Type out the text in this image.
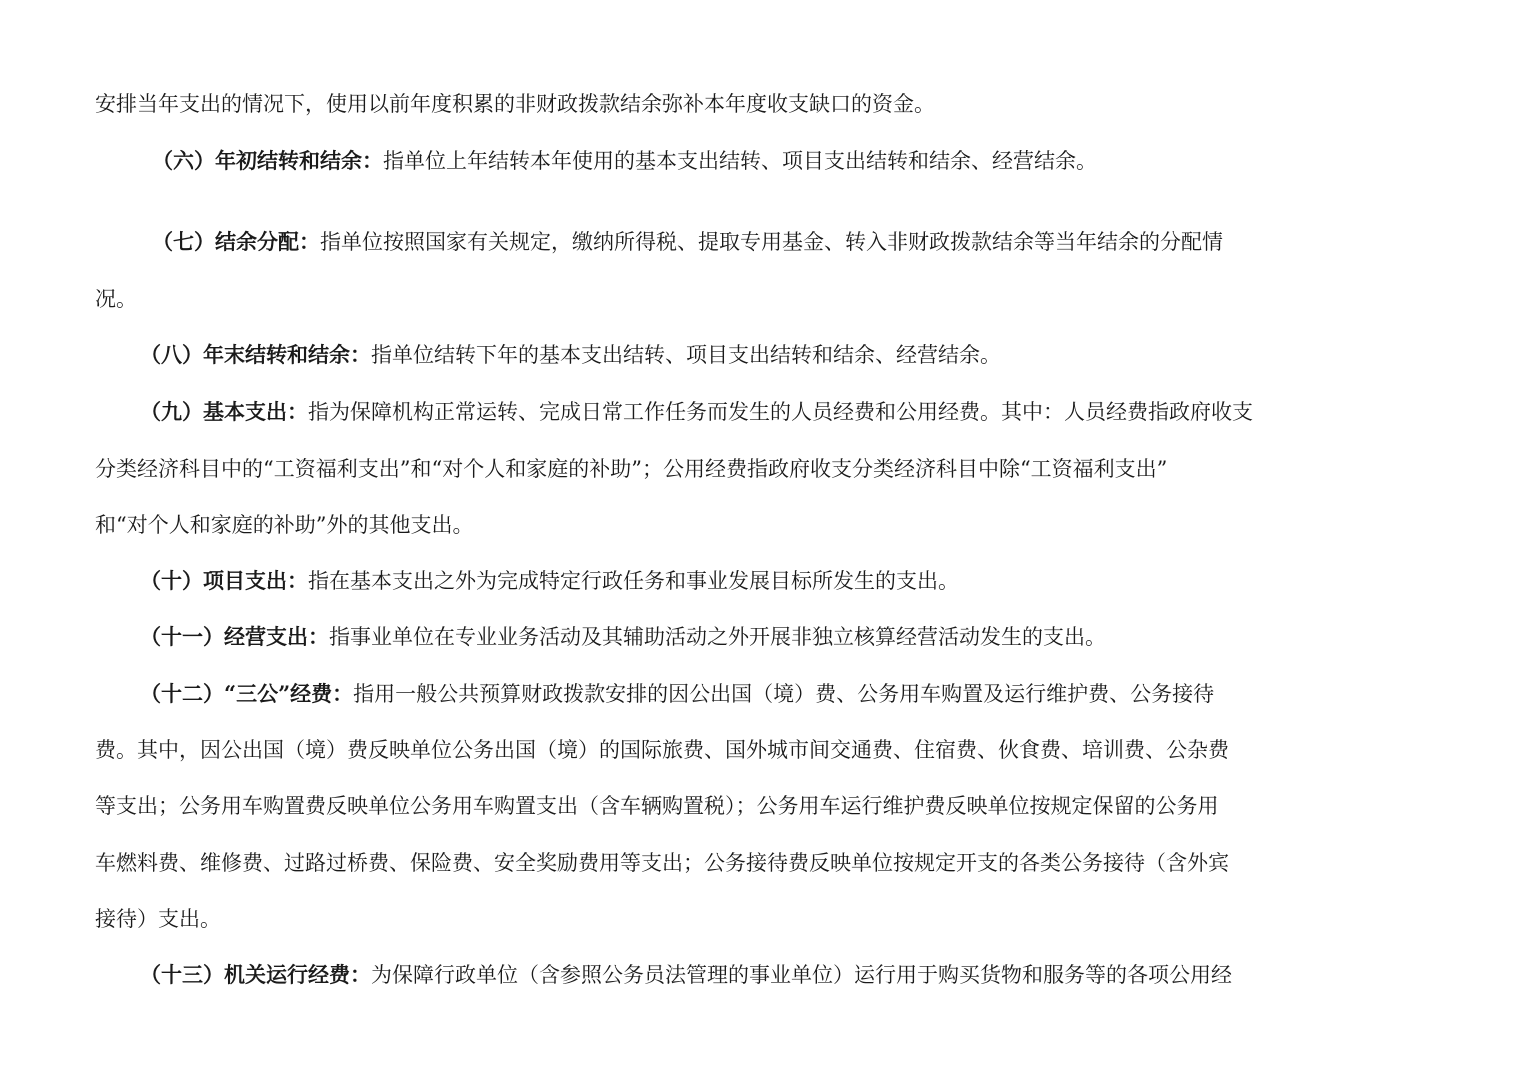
安排当年支出的情况下，使用以前年度积累的非财政拨款结余弥补本年度收支缺口的资金。
（六）年初结转和结余：指单位上年结转本年使用的基本支出结转、项目支出结转和结余、经营结余。
（七）结余分配：指单位按照国家有关规定，缴纳所得税、提取专用基金、转入非财政拨款结余等当年结余的分配情
况。
（八）年末结转和结余：指单位结转下年的基本支出结转、项目支出结转和结余、经营结余。
（九）基本支出：指为保障机构正常运转、完成日常工作任务而发生的人员经费和公用经费。其中：人员经费指政府收支
分类经济科目中的“工资福利支出”和“对个人和家庭的补助”；公用经费指政府收支分类经济科目中除“工资福利支出”
和“对个人和家庭的补助”外的其他支出。
（十）项目支出：指在基本支出之外为完成特定行政任务和事业发展目标所发生的支出。
（十一）经营支出：指事业单位在专业业务活动及其辅助活动之外开展非独立核算经营活动发生的支出。
（十二）“三公”经费：指用一般公共预算财政拨款安排的因公出国（境）费、公务用车购置及运行维护费、公务接待
费。其中，因公出国（境）费反映单位公务出国（境）的国际旅费、国外城市间交通费、住宿费、伙食费、培训费、公杂费
等支出；公务用车购置费反映单位公务用车购置支出（含车辆购置税）；公务用车运行维护费反映单位按规定保留的公务用
车燃料费、维修费、过路过桥费、保险费、安全奖励费用等支出；公务接待费反映单位按规定开支的各类公务接待（含外宾
接待）支出。
（十三）机关运行经费：为保障行政单位（含参照公务员法管理的事业单位）运行用于购买货物和服务等的各项公用经
